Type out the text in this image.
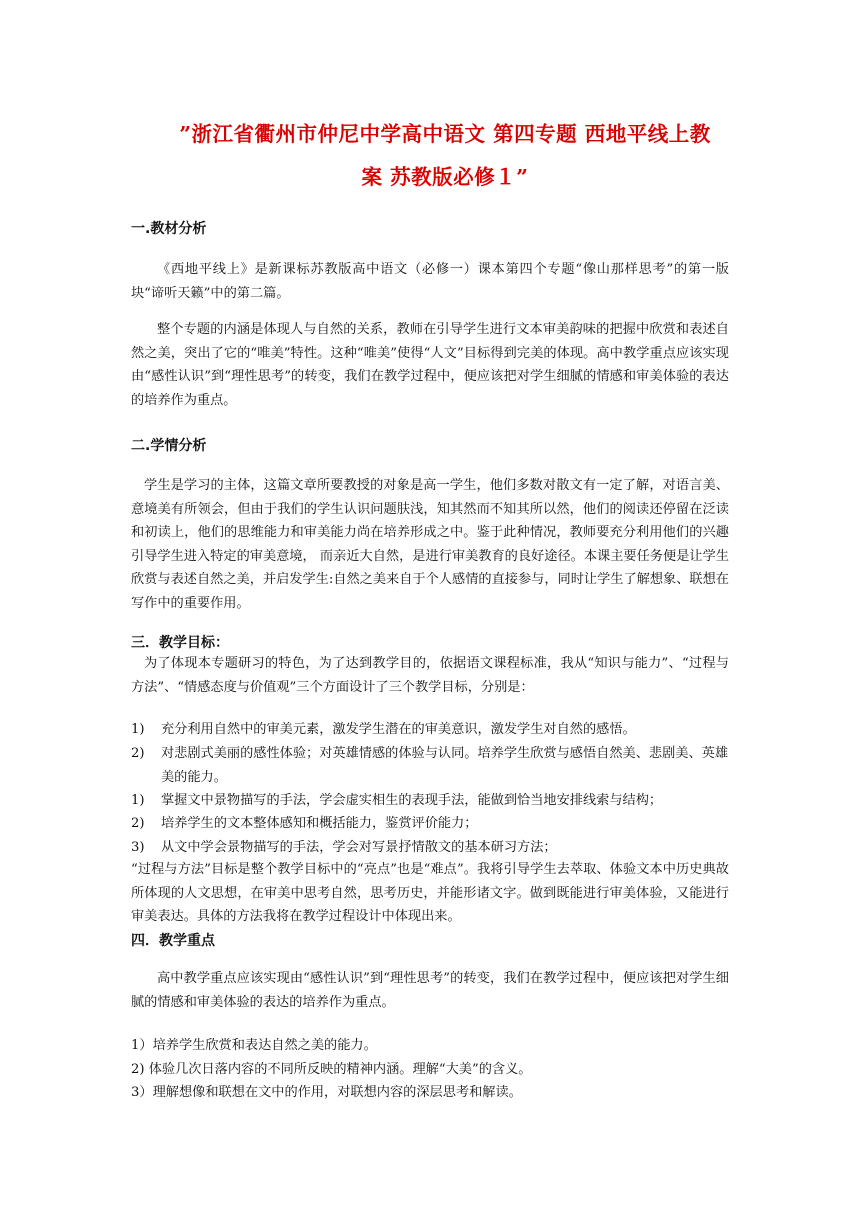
”浙江省衢州市仲尼中学高中语文 第四专题 西地平线上教
案 苏教版必修１”
一.教材分析
《西地平线上》是新课标苏教版高中语文（必修一）课本第四个专题“像山那样思考”的第一版块“谛听天籁”中的第二篇。
整个专题的内涵是体现人与自然的关系，教师在引导学生进行文本审美韵味的把握中欣赏和表述自然之美，突出了它的“唯美”特性。这种“唯美”使得“人文”目标得到完美的体现。高中教学重点应该实现由“感性认识”到“理性思考”的转变，我们在教学过程中，便应该把对学生细腻的情感和审美体验的表达的培养作为重点。
二.学情分析
学生是学习的主体，这篇文章所要教授的对象是高一学生，他们多数对散文有一定了解，对语言美、意境美有所领会，但由于我们的学生认识问题肤浅，知其然而不知其所以然，他们的阅读还停留在泛读和初读上，他们的思维能力和审美能力尚在培养形成之中。鉴于此种情况，教师要充分利用他们的兴趣引导学生进入特定的审美意境， 而亲近大自然，是进行审美教育的良好途径。本课主要任务便是让学生欣赏与表述自然之美，并启发学生:自然之美来自于个人感情的直接参与，同时让学生了解想象、联想在写作中的重要作用。
三．教学目标：
为了体现本专题研习的特色，为了达到教学目的，依据语文课程标准，我从“知识与能力”、“过程与方法”、“情感态度与价值观”三个方面设计了三个教学目标，分别是：
1)	充分利用自然中的审美元素，激发学生潜在的审美意识，激发学生对自然的感悟。
2)	对悲剧式美丽的感性体验；对英雄情感的体验与认同。培养学生欣赏与感悟自然美、悲剧美、英雄美的能力。
1)	掌握文中景物描写的手法，学会虚实相生的表现手法，能做到恰当地安排线索与结构；
2)	培养学生的文本整体感知和概括能力，鉴赏评价能力；
3)	从文中学会景物描写的手法，学会对写景抒情散文的基本研习方法；
“过程与方法”目标是整个教学目标中的“亮点”也是“难点”。我将引导学生去萃取、体验文本中历史典故所体现的人文思想，在审美中思考自然，思考历史，并能形诸文字。做到既能进行审美体验，又能进行审美表达。具体的方法我将在教学过程设计中体现出来。
四．教学重点
高中教学重点应该实现由“感性认识”到“理性思考”的转变，我们在教学过程中，便应该把对学生细腻的情感和审美体验的表达的培养作为重点。
1）培养学生欣赏和表达自然之美的能力。
2) 体验几次日落内容的不同所反映的精神内涵。理解“大美”的含义。
3）理解想像和联想在文中的作用，对联想内容的深层思考和解读。
